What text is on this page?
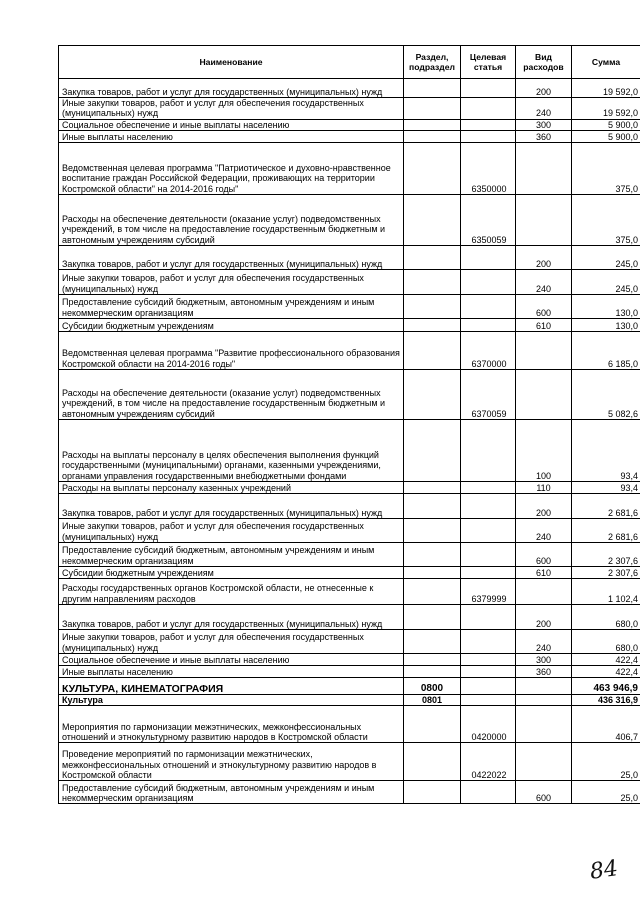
Наименование	Раздел, подраздел	Целевая статья	Вид расходов	Сумма
Закупка товаров, работ и услуг для государственных (муниципальных) нужд			200	19 592,0
Иные закупки товаров, работ и услуг для обеспечения государственных (муниципальных) нужд			240	19 592,0
Социальное обеспечение и иные выплаты населению			300	5 900,0
Иные выплаты населению			360	5 900,0
Ведомственная целевая программа "Патриотическое и духовно-нравственное воспитание граждан Российской Федерации, проживающих на территории Костромской области" на 2014-2016 годы"		6350000		375,0
Расходы на обеспечение деятельности (оказание услуг) подведомственных учреждений, в том числе на предоставление государственным бюджетным и автономным учреждениям субсидий		6350059		375,0
Закупка товаров, работ и услуг для государственных (муниципальных) нужд			200	245,0
Иные закупки товаров, работ и услуг для обеспечения государственных (муниципальных) нужд			240	245,0
Предоставление субсидий бюджетным, автономным учреждениям и иным некоммерческим организациям			600	130,0
Субсидии бюджетным учреждениям			610	130,0
Ведомственная целевая программа "Развитие профессионального образования Костромской области на 2014-2016 годы"		6370000		6 185,0
Расходы на обеспечение деятельности (оказание услуг) подведомственных учреждений, в том числе на предоставление государственным бюджетным и автономным учреждениям субсидий		6370059		5 082,6
Расходы на выплаты персоналу в целях обеспечения выполнения функций государственными (муниципальными) органами, казенными учреждениями, органами управления государственными внебюджетными фондами			100	93,4
Расходы на выплаты персоналу казенных учреждений			110	93,4
Закупка товаров, работ и услуг для государственных (муниципальных) нужд			200	2 681,6
Иные закупки товаров, работ и услуг для обеспечения государственных (муниципальных) нужд			240	2 681,6
Предоставление субсидий бюджетным, автономным учреждениям и иным некоммерческим организациям			600	2 307,6
Субсидии бюджетным учреждениям			610	2 307,6
Расходы государственных органов Костромской области, не отнесенные к другим направлениям расходов		6379999		1 102,4
Закупка товаров, работ и услуг для государственных (муниципальных) нужд			200	680,0
Иные закупки товаров, работ и услуг для обеспечения государственных (муниципальных) нужд			240	680,0
Социальное обеспечение и иные выплаты населению			300	422,4
Иные выплаты населению			360	422,4
КУЛЬТУРА, КИНЕМАТОГРАФИЯ	0800			463 946,9
Культура	0801			436 316,9
Мероприятия по гармонизации межэтнических, межконфессиональных отношений и этнокультурному развитию народов в Костромской области		0420000		406,7
Проведение мероприятий по гармонизации межэтнических, межконфессиональных отношений и этнокультурному развитию народов в Костромской области		0422022		25,0
Предоставление субсидий бюджетным, автономным учреждениям и иным некоммерческим организациям			600	25,0
84
